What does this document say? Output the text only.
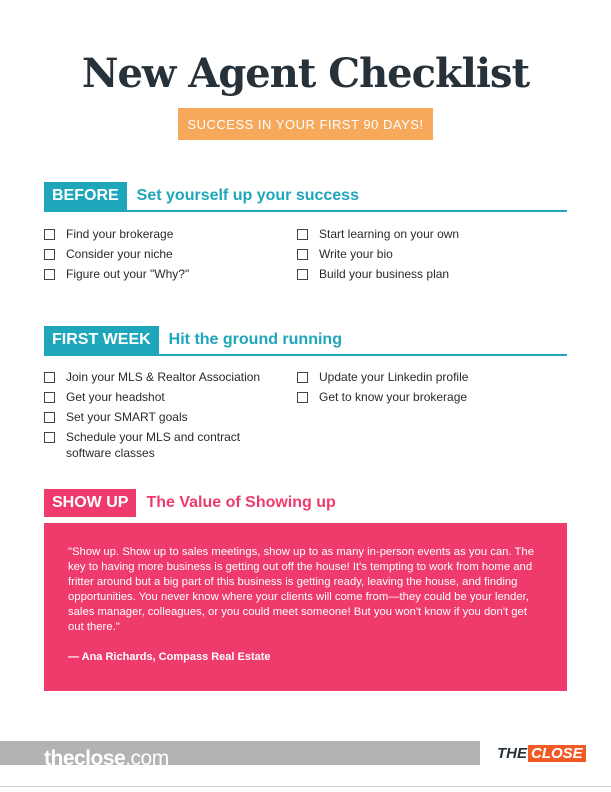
New Agent Checklist
SUCCESS IN YOUR FIRST 90 DAYS!
BEFORE	Set yourself up your success
Find your brokerage
Consider your niche
Figure out your "Why?"
Start learning on your own
Write your bio
Build your business plan
FIRST WEEK	Hit the ground running
Join your MLS & Realtor Association
Get your headshot
Set your SMART goals
Schedule your MLS and contract software classes
Update your Linkedin profile
Get to know your brokerage
SHOW UP	The Value of Showing up

"Show up. Show up to sales meetings, show up to as many in-person events as you can. The key to having more business is getting out off the house! It's tempting to work from home and fritter around but a big part of this business is getting ready, leaving the house, and finding opportunities. You never know where your clients will come from—they could be your lender, sales manager, colleagues, or you could meet someone! But you won't know if you don't get out there."

— Ana Richards, Compass Real Estate
theclose.com	THE CLOSE
